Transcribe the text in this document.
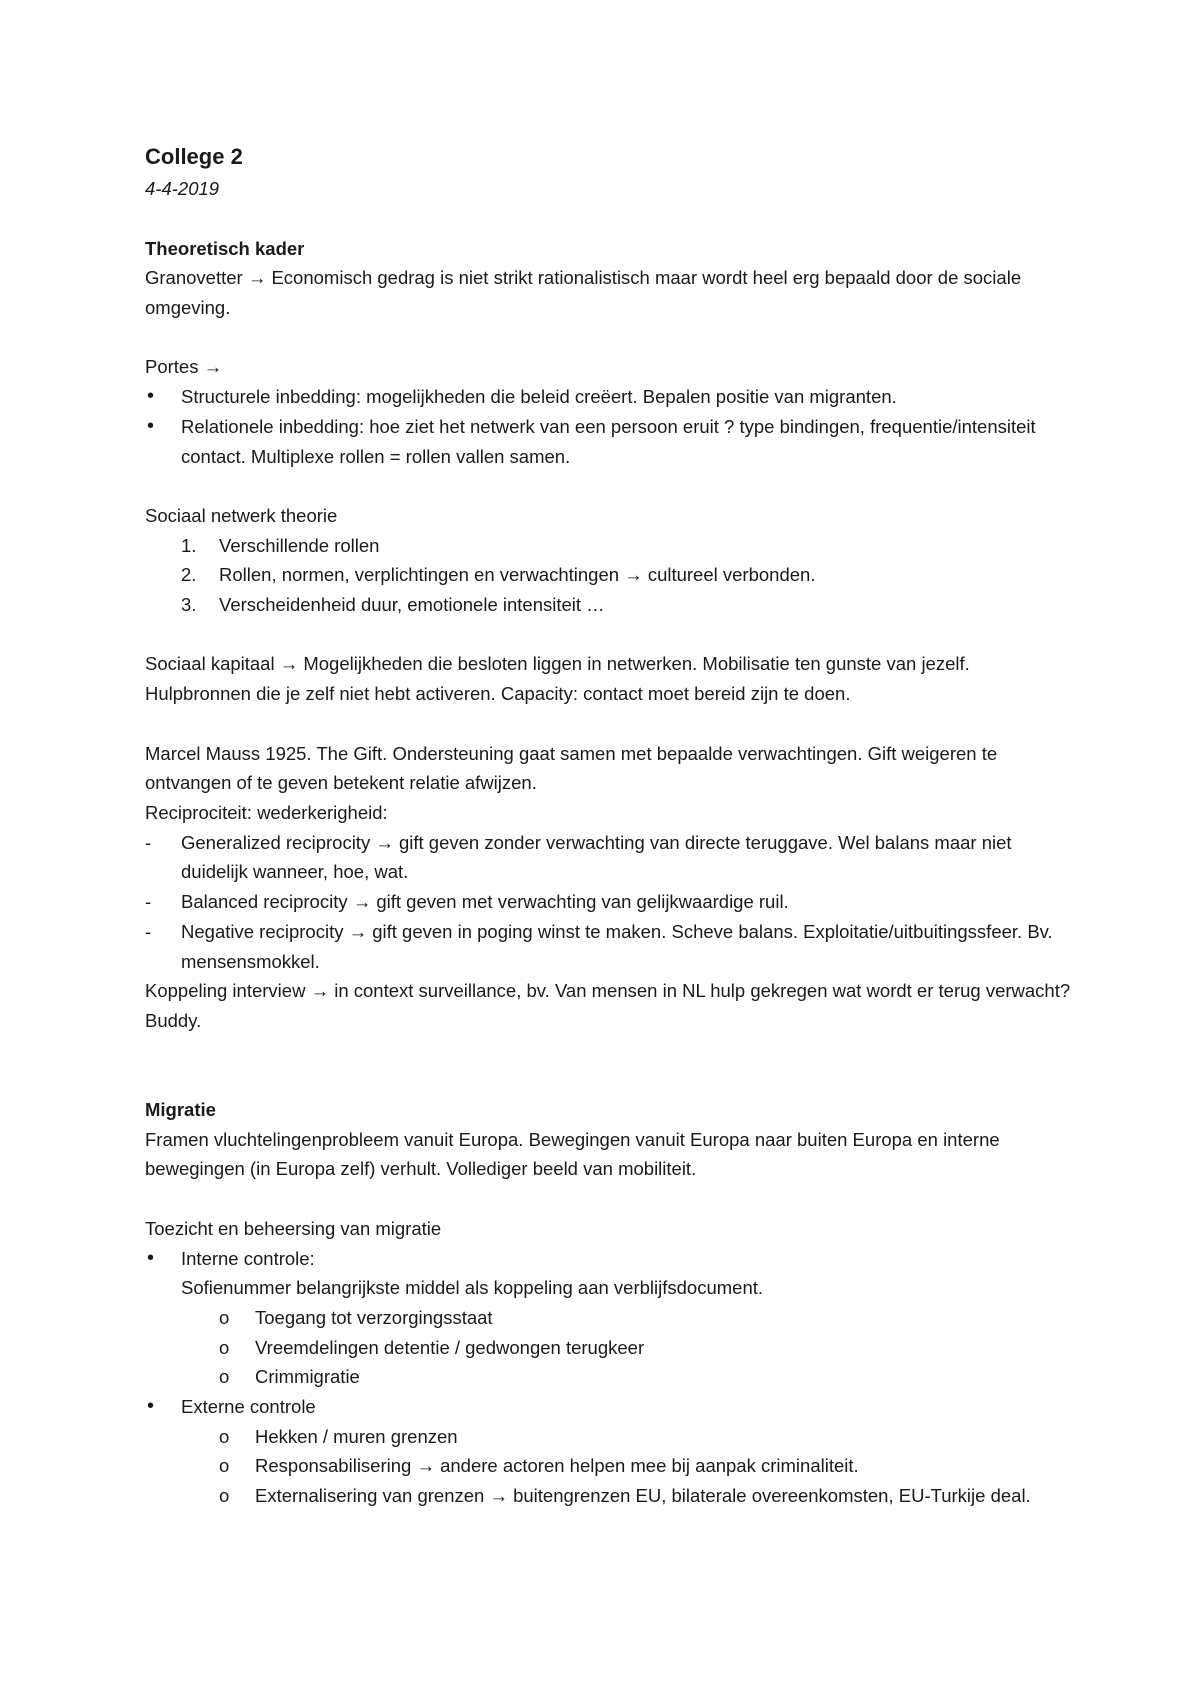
College 2

4-4-2019

Theoretisch kader

Granovetter → Economisch gedrag is niet strikt rationalistisch maar wordt heel erg bepaald door de sociale omgeving.

Portes →

Structurele inbedding: mogelijkheden die beleid creëert. Bepalen positie van migranten.
Relationele inbedding: hoe ziet het netwerk van een persoon eruit ? type bindingen, frequentie/intensiteit contact. Multiplexe rollen = rollen vallen samen.

Sociaal netwerk theorie

1.	Verschillende rollen
2.	Rollen, normen, verplichtingen en verwachtingen → cultureel verbonden.
3.	Verscheidenheid duur, emotionele intensiteit …

Sociaal kapitaal → Mogelijkheden die besloten liggen in netwerken. Mobilisatie ten gunste van jezelf. Hulpbronnen die je zelf niet hebt activeren. Capacity: contact moet bereid zijn te doen.

Marcel Mauss 1925. The Gift. Ondersteuning gaat samen met bepaalde verwachtingen. Gift weigeren te ontvangen of te geven betekent relatie afwijzen.

Reciprociteit: wederkerigheid:

- Generalized reciprocity → gift geven zonder verwachting van directe teruggave. Wel balans maar niet duidelijk wanneer, hoe, wat.
- Balanced reciprocity → gift geven met verwachting van gelijkwaardige ruil.
- Negative reciprocity → gift geven in poging winst te maken. Scheve balans. Exploitatie/uitbuitingssfeer. Bv. mensensmokkel.

Koppeling interview → in context surveillance, bv. Van mensen in NL hulp gekregen wat wordt er terug verwacht? Buddy.

Migratie

Framen vluchtelingenprobleem vanuit Europa. Bewegingen vanuit Europa naar buiten Europa en interne bewegingen (in Europa zelf) verhult. Vollediger beeld van mobiliteit.

Toezicht en beheersing van migratie

Interne controle:

Sofienummer belangrijkste middel als koppeling aan verblijfsdocument.

o Toegang tot verzorgingsstaat
o Vreemdelingen detentie / gedwongen terugkeer
o Crimmigratie
Externe controle
o Hekken / muren grenzen
o Responsabilisering → andere actoren helpen mee bij aanpak criminaliteit.
o Externalisering van grenzen → buitengrenzen EU, bilaterale overeenkomsten, EU-Turkije deal.
